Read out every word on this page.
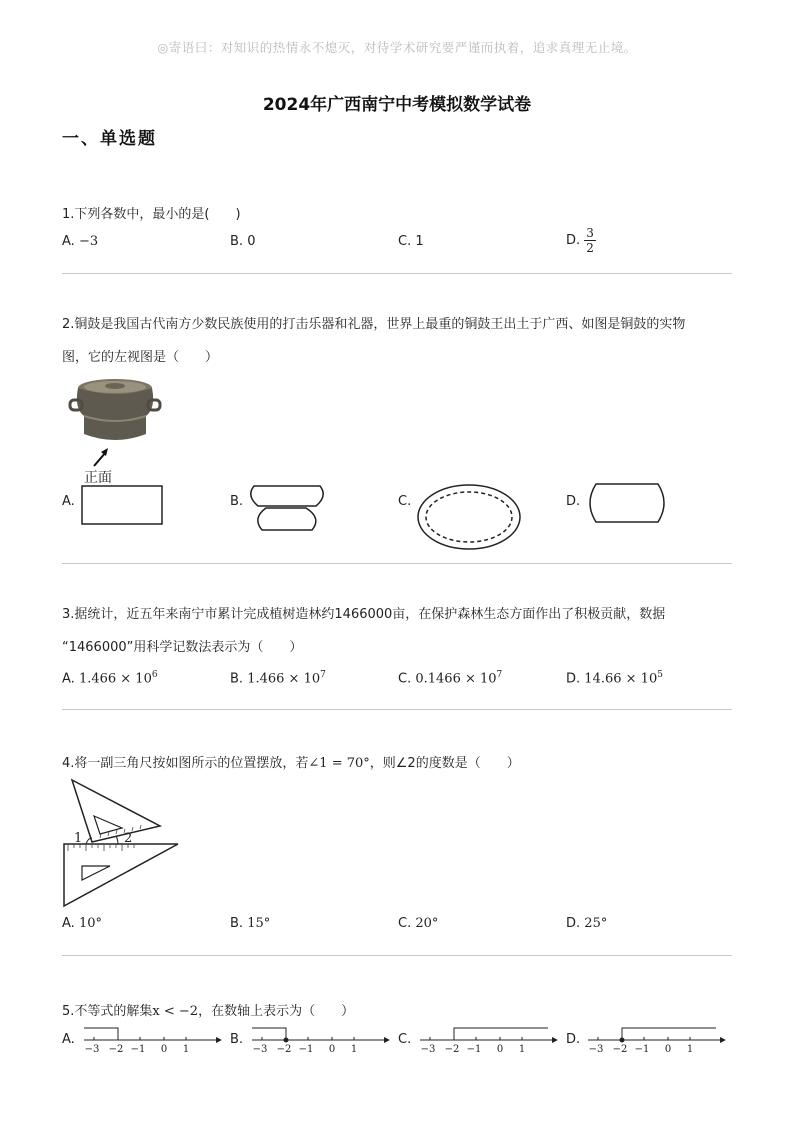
◎寄语曰：对知识的热情永不熄灭，对待学术研究要严谨而执着，追求真理无止境。
2024年广西南宁中考模拟数学试卷
一、单选题
1.下列各数中，最小的是(　　)
A. −3	B. 0	C. 1	D. $\frac{3}{2}$
2.铜鼓是我国古代南方少数民族使用的打击乐器和礼器，世界上最重的铜鼓王出土于广西、如图是铜鼓的实物
图，它的左视图是（　　）
正面
A.	B.	C.	D.
3.据统计，近五年来南宁市累计完成植树造林约1466000亩，在保护森林生态方面作出了积极贡献，数据
“1466000”用科学记数法表示为（　　）
A. $1.466 \times 10^6$	B. $1.466 \times 10^7$	C. $0.1466 \times 10^7$	D. $14.66 \times 10^5$
4.将一副三角尺按如图所示的位置摆放，若∠1 = 70°，则∠2的度数是（　　）
1	2
A. 10°	B. 15°	C. 20°	D. 25°
5.不等式的解集x < −2，在数轴上表示为（　　）
A.
−3 −2 −1 0 1
B.
−3 −2 −1 0 1
C.
−3 −2 −1 0 1
D.
−3 −2 −1 0 1
